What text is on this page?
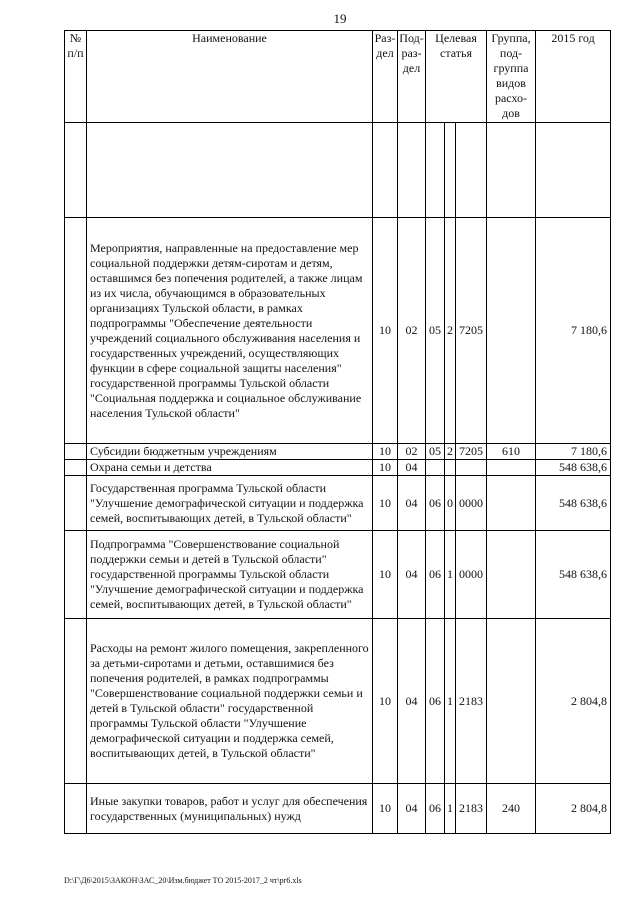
19
№ п/п	Наименование	Раз-дел	Под-раз-дел	Целевая статья			Группа, под-группа видов расхо-дов	2015 год

	Мероприятия, направленные на предоставление мер социальной поддержки детям-сиротам и детям, оставшимся без попечения родителей, а также лицам из их числа, обучающимся в образовательных организациях Тульской области, в рамках подпрограммы "Обеспечение деятельности учреждений социального обслуживания населения и государственных учреждений, осуществляющих функции в сфере социальной защиты населения" государственной программы Тульской области "Социальная поддержка и социальное обслуживание населения Тульской области"	10	02	05	2	7205		7 180,6
	Субсидии бюджетным учреждениям	10	02	05	2	7205	610	7 180,6
	Охрана семьи и детства	10	04					548 638,6
	Государственная программа Тульской области "Улучшение демографической ситуации и поддержка семей, воспитывающих детей, в Тульской области"	10	04	06	0	0000		548 638,6
	Подпрограмма "Совершенствование социальной поддержки семьи и детей в Тульской области" государственной программы Тульской области "Улучшение демографической ситуации и поддержка семей, воспитывающих детей, в Тульской области"	10	04	06	1	0000		548 638,6
	Расходы на ремонт жилого помещения, закрепленного за детьми-сиротами и детьми, оставшимися без попечения родителей, в рамках подпрограммы "Совершенствование социальной поддержки семьи и детей в Тульской области" государственной программы Тульской области "Улучшение демографической ситуации и поддержка семей, воспитывающих детей, в Тульской области"	10	04	06	1	2183		2 804,8
	Иные закупки товаров, работ и услуг для обеспечения государственных (муниципальных) нужд	10	04	06	1	2183	240	2 804,8
D:\Г\Д6\2015\ЗАКОН\ЗАС_20\Изм.бюджет ТО 2015-2017_2 чт\pr6.xls
